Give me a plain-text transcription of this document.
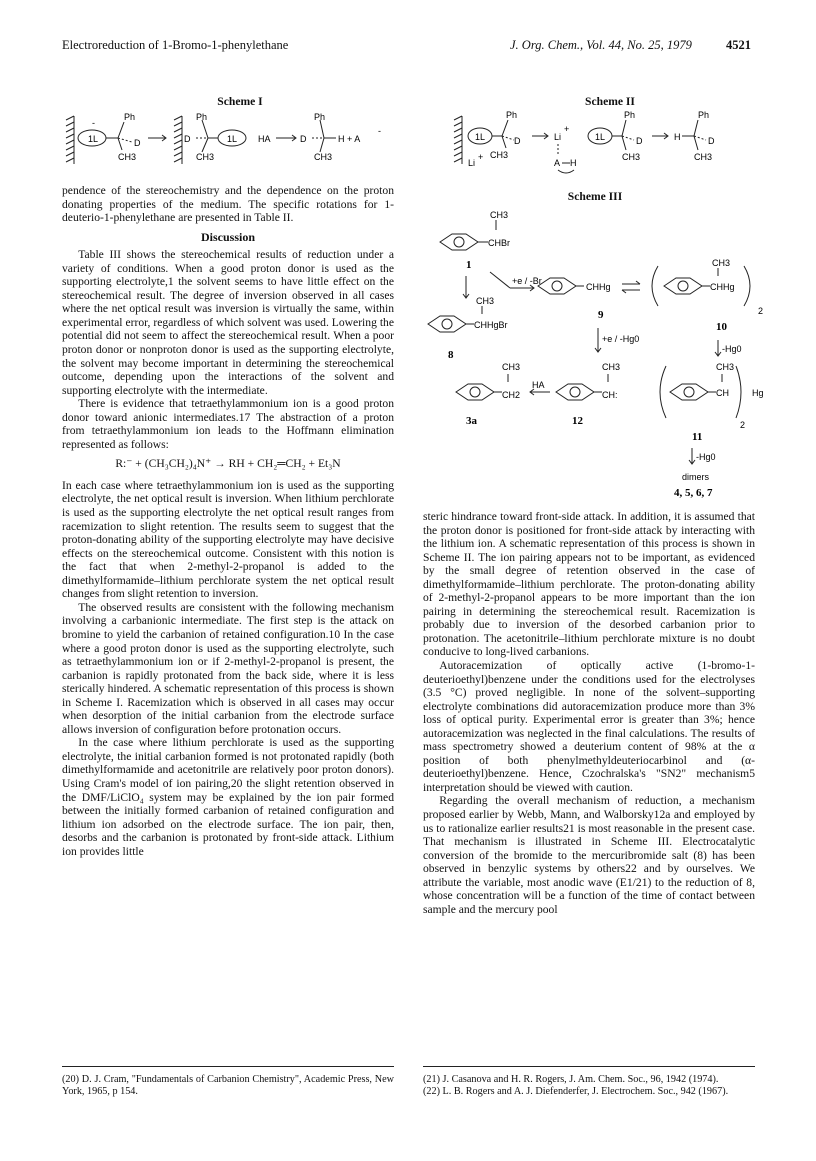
Electroreduction of 1-Bromo-1-phenylethane	J. Org. Chem., Vol. 44, No. 25, 1979	4521
Scheme I
1L
-
Ph
D
CH3
1L
Ph
D
CH3
HA
Ph
D
CH3
H + A
-
Scheme II
1L
Ph
D
CH3
Li
+
Li
+
A H
1L
Ph
D
CH3
H
Ph
D
CH3
Scheme III
CH3
CHBr
1
CH3
CHHgBr
8
+e / -Br
CHHg
9
CH3
CHHg
2
10
-Hg0
+e / -Hg0
CH3
CH2
3a
HA
CH3
CH:
12
CH3
CH
2
Hg
11
-Hg0
dimers
4, 5, 6, 7

pendence of the stereochemistry and the dependence on the proton donating properties of the medium. The specific rotations for 1-deuterio-1-phenylethane are presented in Table II.

Discussion

Table III shows the stereochemical results of reduction under a variety of conditions. When a good proton donor is used as the supporting electrolyte,1 the solvent seems to have little effect on the stereochemical result. The degree of inversion observed in all cases where the net optical result was inversion is virtually the same, within experimental error, regardless of which solvent was used. Lowering the potential did not seem to affect the stereochemical result. When a poor proton donor or nonproton donor is used as the supporting electrolyte, the solvent may become important in determining the stereochemical outcome, depending upon the interactions of the solvent and supporting electrolyte with the intermediate.

There is evidence that tetraethylammonium ion is a good proton donor toward anionic intermediates.17 The abstraction of a proton from tetraethylammonium ion leads to the Hoffmann elimination represented as follows:

R:⁻ + (CH₃CH₂)₄N⁺ → RH + CH₂═CH₂ + Et₃N

In each case where tetraethylammonium ion is used as the supporting electrolyte, the net optical result is inversion. When lithium perchlorate is used as the supporting electrolyte the net optical result ranges from racemization to slight retention. The results seem to suggest that the proton-donating ability of the supporting electrolyte may have decisive effects on the stereochemical outcome. Consistent with this notion is the fact that when 2-methyl-2-propanol is added to the dimethylformamide–lithium perchlorate system the net optical result changes from slight retention to inversion.

The observed results are consistent with the following mechanism involving a carbanionic intermediate. The first step is the attack on bromine to yield the carbanion of retained configuration.10 In the case where a good proton donor is used as the supporting electrolyte, such as tetraethylammonium ion or if 2-methyl-2-propanol is present, the carbanion is rapidly protonated from the back side, where it is less sterically hindered. A schematic representation of this process is shown in Scheme I. Racemization which is observed in all cases may occur when desorption of the initial carbanion from the electrode surface allows inversion of configuration before protonation occurs.

In the case where lithium perchlorate is used as the supporting electrolyte, the initial carbanion formed is not protonated rapidly (both dimethylformamide and acetonitrile are relatively poor proton donors). Using Cram's model of ion pairing,20 the slight retention observed in the DMF/LiClO₄ system may be explained by the ion pair formed between the initially formed carbanion of retained configuration and lithium ion adsorbed on the electrode surface. The ion pair, then, desorbs and the carbanion is protonated by front-side attack. Lithium ion provides little

steric hindrance toward front-side attack. In addition, it is assumed that the proton donor is positioned for front-side attack by interacting with the lithium ion. A schematic representation of this process is shown in Scheme II. The ion pairing appears not to be important, as evidenced by the small degree of retention observed in the case of dimethylformamide–lithium perchlorate. The proton-donating ability of 2-methyl-2-propanol appears to be more important than the ion pairing in determining the stereochemical result. Racemization is probably due to inversion of the desorbed carbanion prior to protonation. The acetonitrile–lithium perchlorate mixture is no doubt conducive to long-lived carbanions.

Autoracemization of optically active (1-bromo-1-deuterioethyl)benzene under the conditions used for the electrolyses (3.5 °C) proved negligible. In none of the solvent–supporting electrolyte combinations did autoracemization produce more than 3% loss of optical purity. Experimental error is greater than 3%; hence autoracemization was neglected in the final calculations. The results of mass spectrometry showed a deuterium content of 98% at the α position of both phenylmethyldeuteriocarbinol and (α-deuterioethyl)benzene. Hence, Czochralska's "SN2" mechanism5 interpretation should be viewed with caution.

Regarding the overall mechanism of reduction, a mechanism proposed earlier by Webb, Mann, and Walborsky12a and employed by us to rationalize earlier results21 is most reasonable in the present case. That mechanism is illustrated in Scheme III. Electrocatalytic conversion of the bromide to the mercuribromide salt (8) has been observed in benzylic systems by others22 and by ourselves. We attribute the variable, most anodic wave (E1/21) to the reduction of 8, whose concentration will be a function of the time of contact between sample and the mercury pool

(20) D. J. Cram, "Fundamentals of Carbanion Chemistry", Academic Press, New York, 1965, p 154.
(21) J. Casanova and H. R. Rogers, J. Am. Chem. Soc., 96, 1942 (1974).
(22) L. B. Rogers and A. J. Diefenderfer, J. Electrochem. Soc., 942 (1967).
